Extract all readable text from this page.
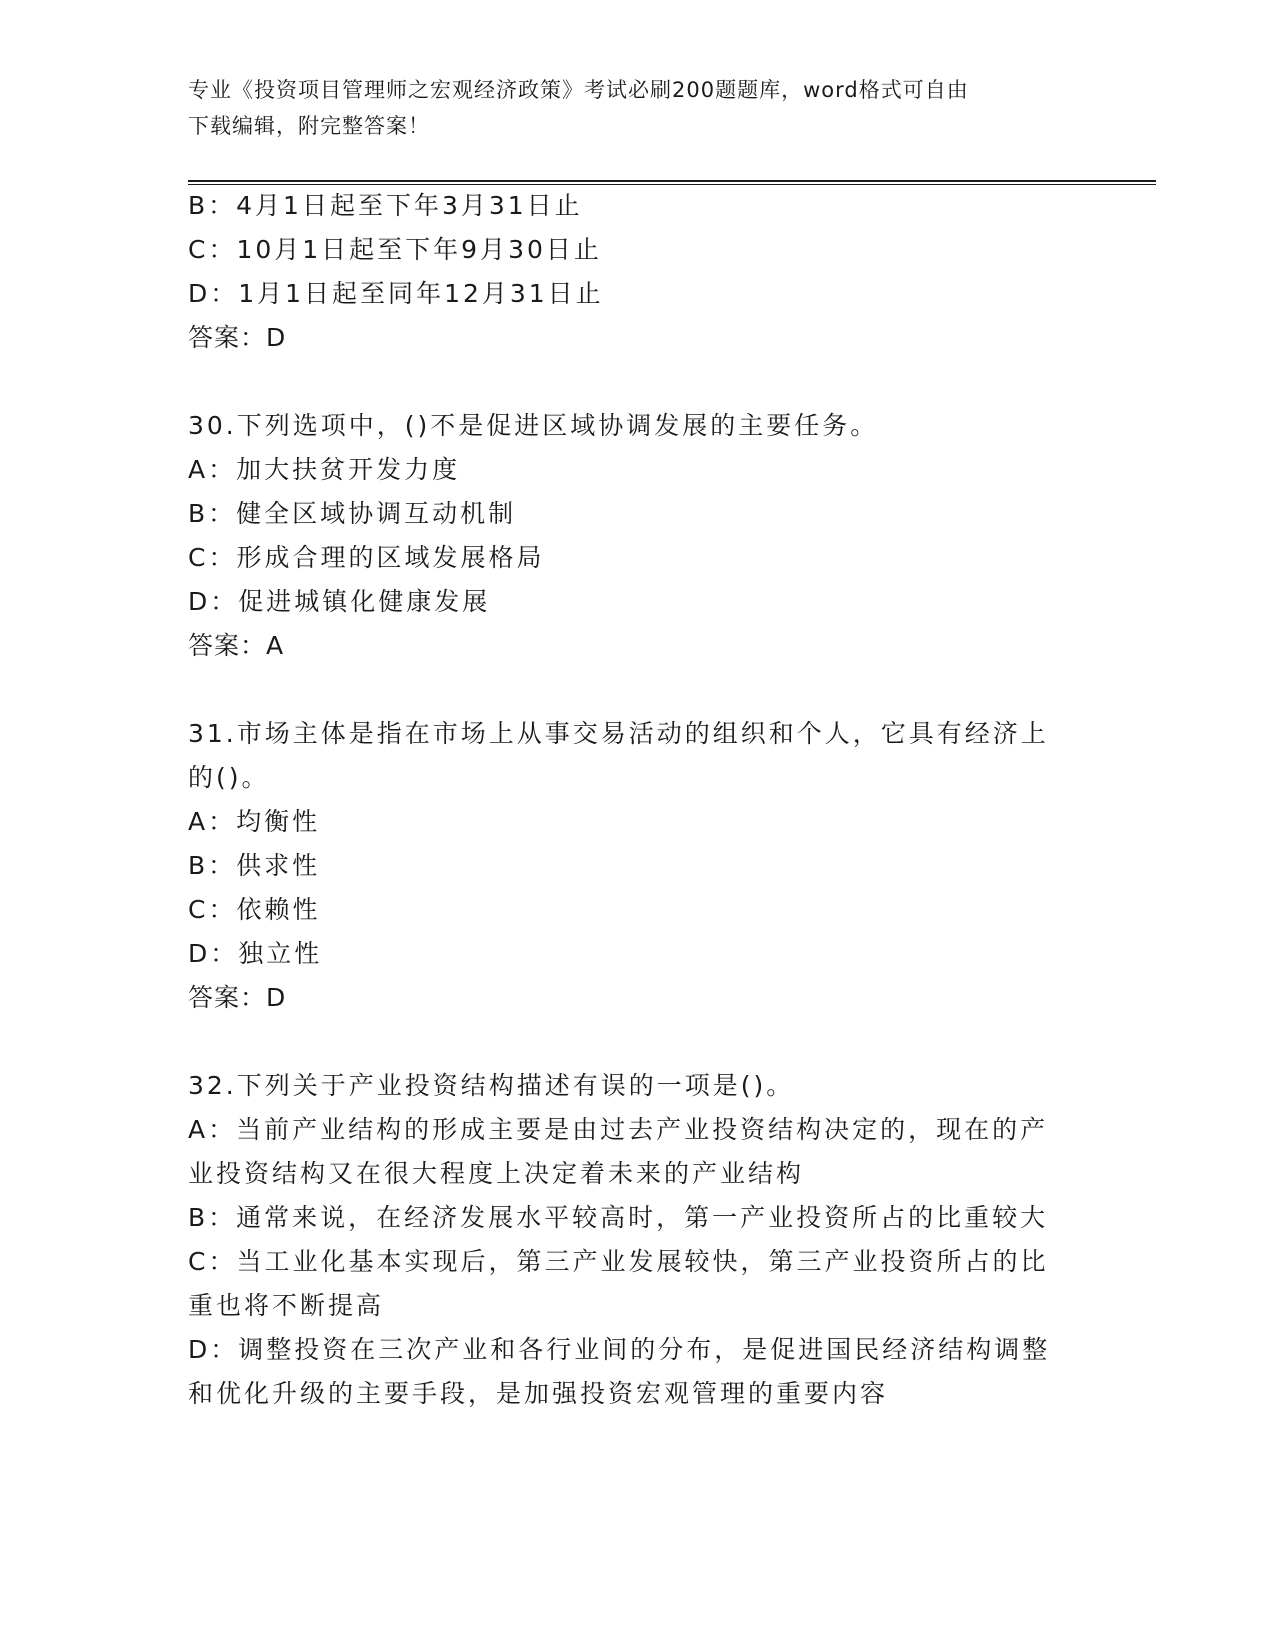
专业《投资项目管理师之宏观经济政策》考试必刷200题题库，word格式可自由
下载编辑，附完整答案！
B：4月1日起至下年3月31日止
C：10月1日起至下年9月30日止
D：1月1日起至同年12月31日止
答案：D
30.下列选项中，()不是促进区域协调发展的主要任务。
A：加大扶贫开发力度
B：健全区域协调互动机制
C：形成合理的区域发展格局
D：促进城镇化健康发展
答案：A
31.市场主体是指在市场上从事交易活动的组织和个人，它具有经济上
的()。
A：均衡性
B：供求性
C：依赖性
D：独立性
答案：D
32.下列关于产业投资结构描述有误的一项是()。
A：当前产业结构的形成主要是由过去产业投资结构决定的，现在的产
业投资结构又在很大程度上决定着未来的产业结构
B：通常来说，在经济发展水平较高时，第一产业投资所占的比重较大
C：当工业化基本实现后，第三产业发展较快，第三产业投资所占的比
重也将不断提高
D：调整投资在三次产业和各行业间的分布，是促进国民经济结构调整
和优化升级的主要手段，是加强投资宏观管理的重要内容
